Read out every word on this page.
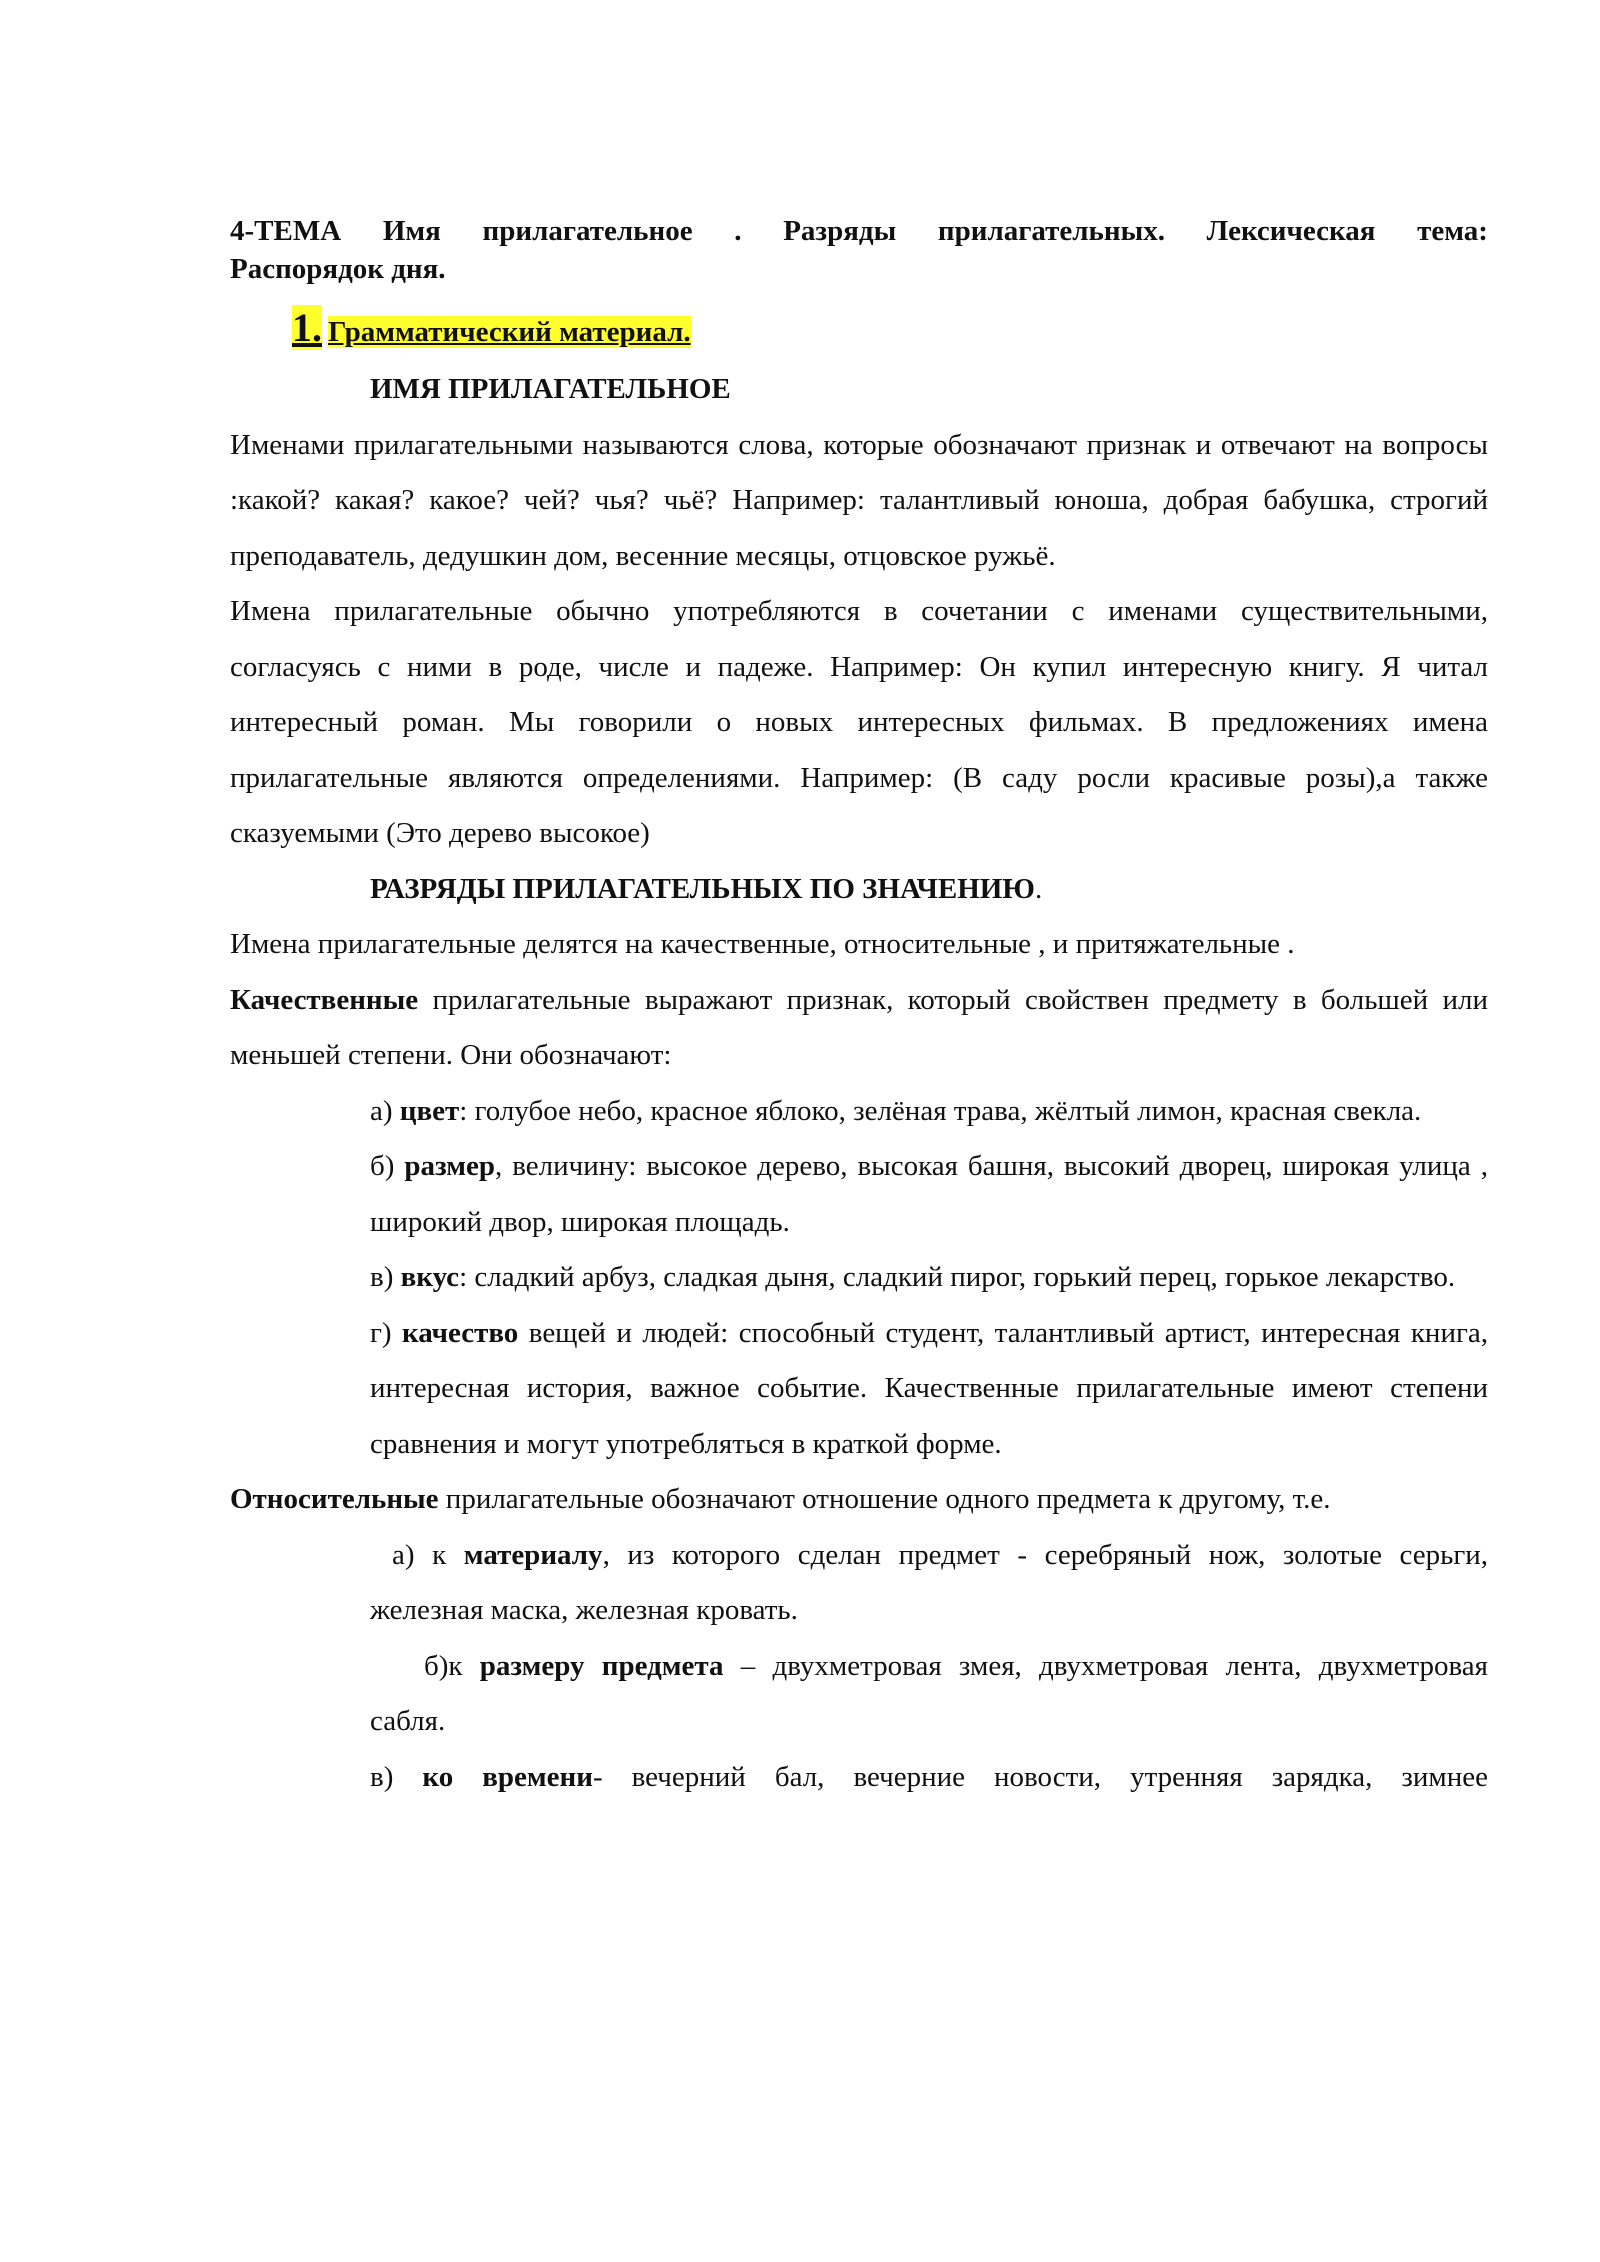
4-ТЕМА Имя прилагательное . Разряды прилагательных. Лексическая тема:
Распорядок дня.
1. Грамматический материал.
ИМЯ ПРИЛАГАТЕЛЬНОЕ

Именами прилагательными называются слова, которые обозначают признак и отвечают на вопросы :какой? какая? какое? чей? чья? чьё? Например: талантливый юноша, добрая бабушка, строгий преподаватель, дедушкин дом, весенние месяцы, отцовское ружьё.

Имена прилагательные обычно употребляются в сочетании с именами существительными, согласуясь с ними в роде, числе и падеже. Например: Он купил интересную книгу. Я читал интересный роман. Мы говорили о новых интересных фильмах. В предложениях имена прилагательные являются определениями. Например: (В саду росли красивые розы),а также сказуемыми (Это дерево высокое)

РАЗРЯДЫ ПРИЛАГАТЕЛЬНЫХ ПО ЗНАЧЕНИЮ.

Имена прилагательные делятся на качественные, относительные , и притяжательные .

Качественные прилагательные выражают признак, который свойствен предмету в большей или меньшей степени. Они обозначают:

а) цвет: голубое небо, красное яблоко, зелёная трава, жёлтый лимон, красная свекла.

б) размер, величину: высокое дерево, высокая башня, высокий дворец, широкая улица , широкий двор, широкая площадь.

в) вкус: сладкий арбуз, сладкая дыня, сладкий пирог, горький перец, горькое лекарство.

г) качество вещей и людей: способный студент, талантливый артист, интересная книга, интересная история, важное событие. Качественные прилагательные имеют степени сравнения и могут употребляться в краткой форме.

Относительные прилагательные обозначают отношение одного предмета к другому, т.е.

а) к материалу, из которого сделан предмет - серебряный нож, золотые серьги, железная маска, железная кровать.

б)к размеру предмета – двухметровая змея, двухметровая лента, двухметровая сабля.

в) ко времени- вечерний бал, вечерние новости, утренняя зарядка, зимнее
